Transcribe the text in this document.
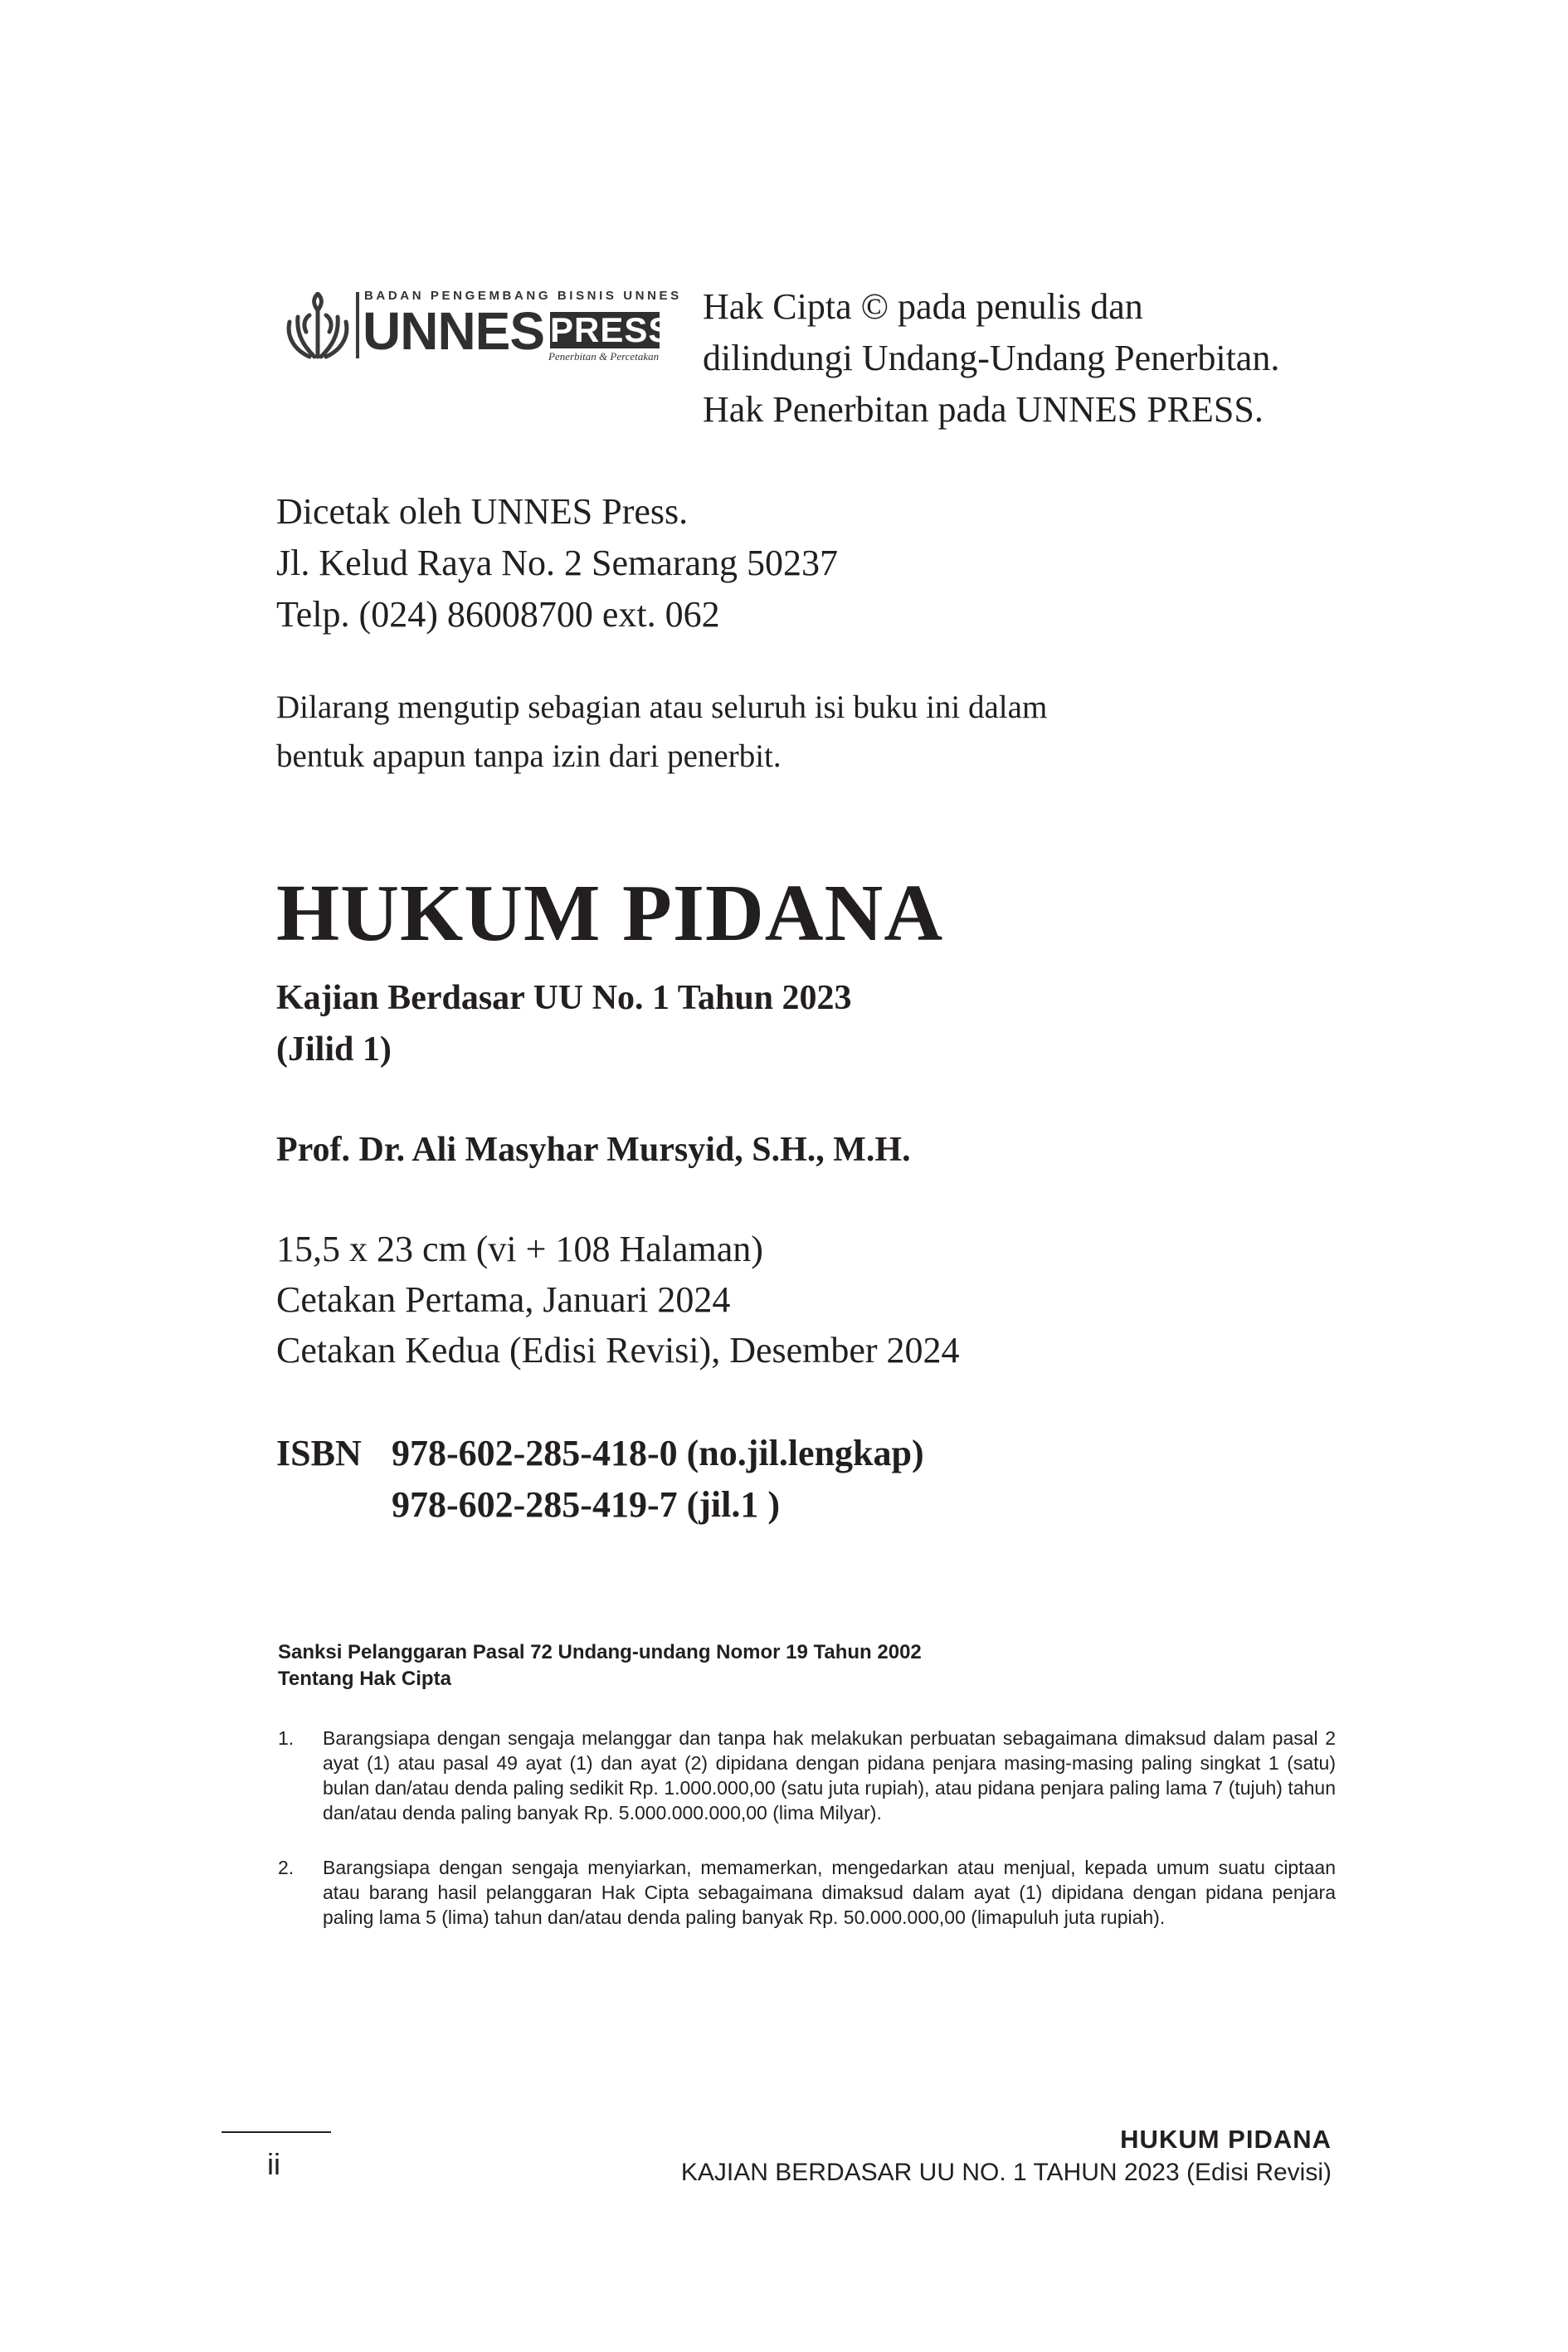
BADAN PENGEMBANG BISNIS UNNES
UNNES PRESS
Penerbitan & Percetakan
Hak Cipta © pada penulis dan
dilindungi Undang-Undang Penerbitan.
Hak Penerbitan pada UNNES PRESS.
Dicetak oleh UNNES Press.
Jl. Kelud Raya No. 2 Semarang 50237
Telp. (024) 86008700 ext. 062
Dilarang mengutip sebagian atau seluruh isi buku ini dalam
bentuk apapun tanpa izin dari penerbit.
HUKUM PIDANA
Kajian Berdasar UU No. 1 Tahun 2023
(Jilid 1)
Prof. Dr. Ali Masyhar Mursyid, S.H., M.H.
15,5 x 23 cm (vi + 108 Halaman)
Cetakan Pertama, Januari 2024
Cetakan Kedua (Edisi Revisi), Desember 2024
ISBN 978-602-285-418-0 (no.jil.lengkap)
978-602-285-419-7 (jil.1 )
Sanksi Pelanggaran Pasal 72 Undang-undang Nomor 19 Tahun 2002
Tentang Hak Cipta
1. Barangsiapa dengan sengaja melanggar dan tanpa hak melakukan perbuatan sebagaimana dimaksud dalam pasal 2 ayat (1) atau pasal 49 ayat (1) dan ayat (2) dipidana dengan pidana penjara masing-masing paling singkat 1 (satu) bulan dan/atau denda paling sedikit Rp. 1.000.000,00 (satu juta rupiah), atau pidana penjara paling lama 7 (tujuh) tahun dan/atau denda paling banyak Rp. 5.000.000.000,00 (lima Milyar).
2. Barangsiapa dengan sengaja menyiarkan, memamerkan, mengedarkan atau menjual, kepada umum suatu ciptaan atau barang hasil pelanggaran Hak Cipta sebagaimana dimaksud dalam ayat (1) dipidana dengan pidana penjara paling lama 5 (lima) tahun dan/atau denda paling banyak Rp. 50.000.000,00 (limapuluh juta rupiah).
ii
HUKUM PIDANA
KAJIAN BERDASAR UU NO. 1 TAHUN 2023 (Edisi Revisi)
